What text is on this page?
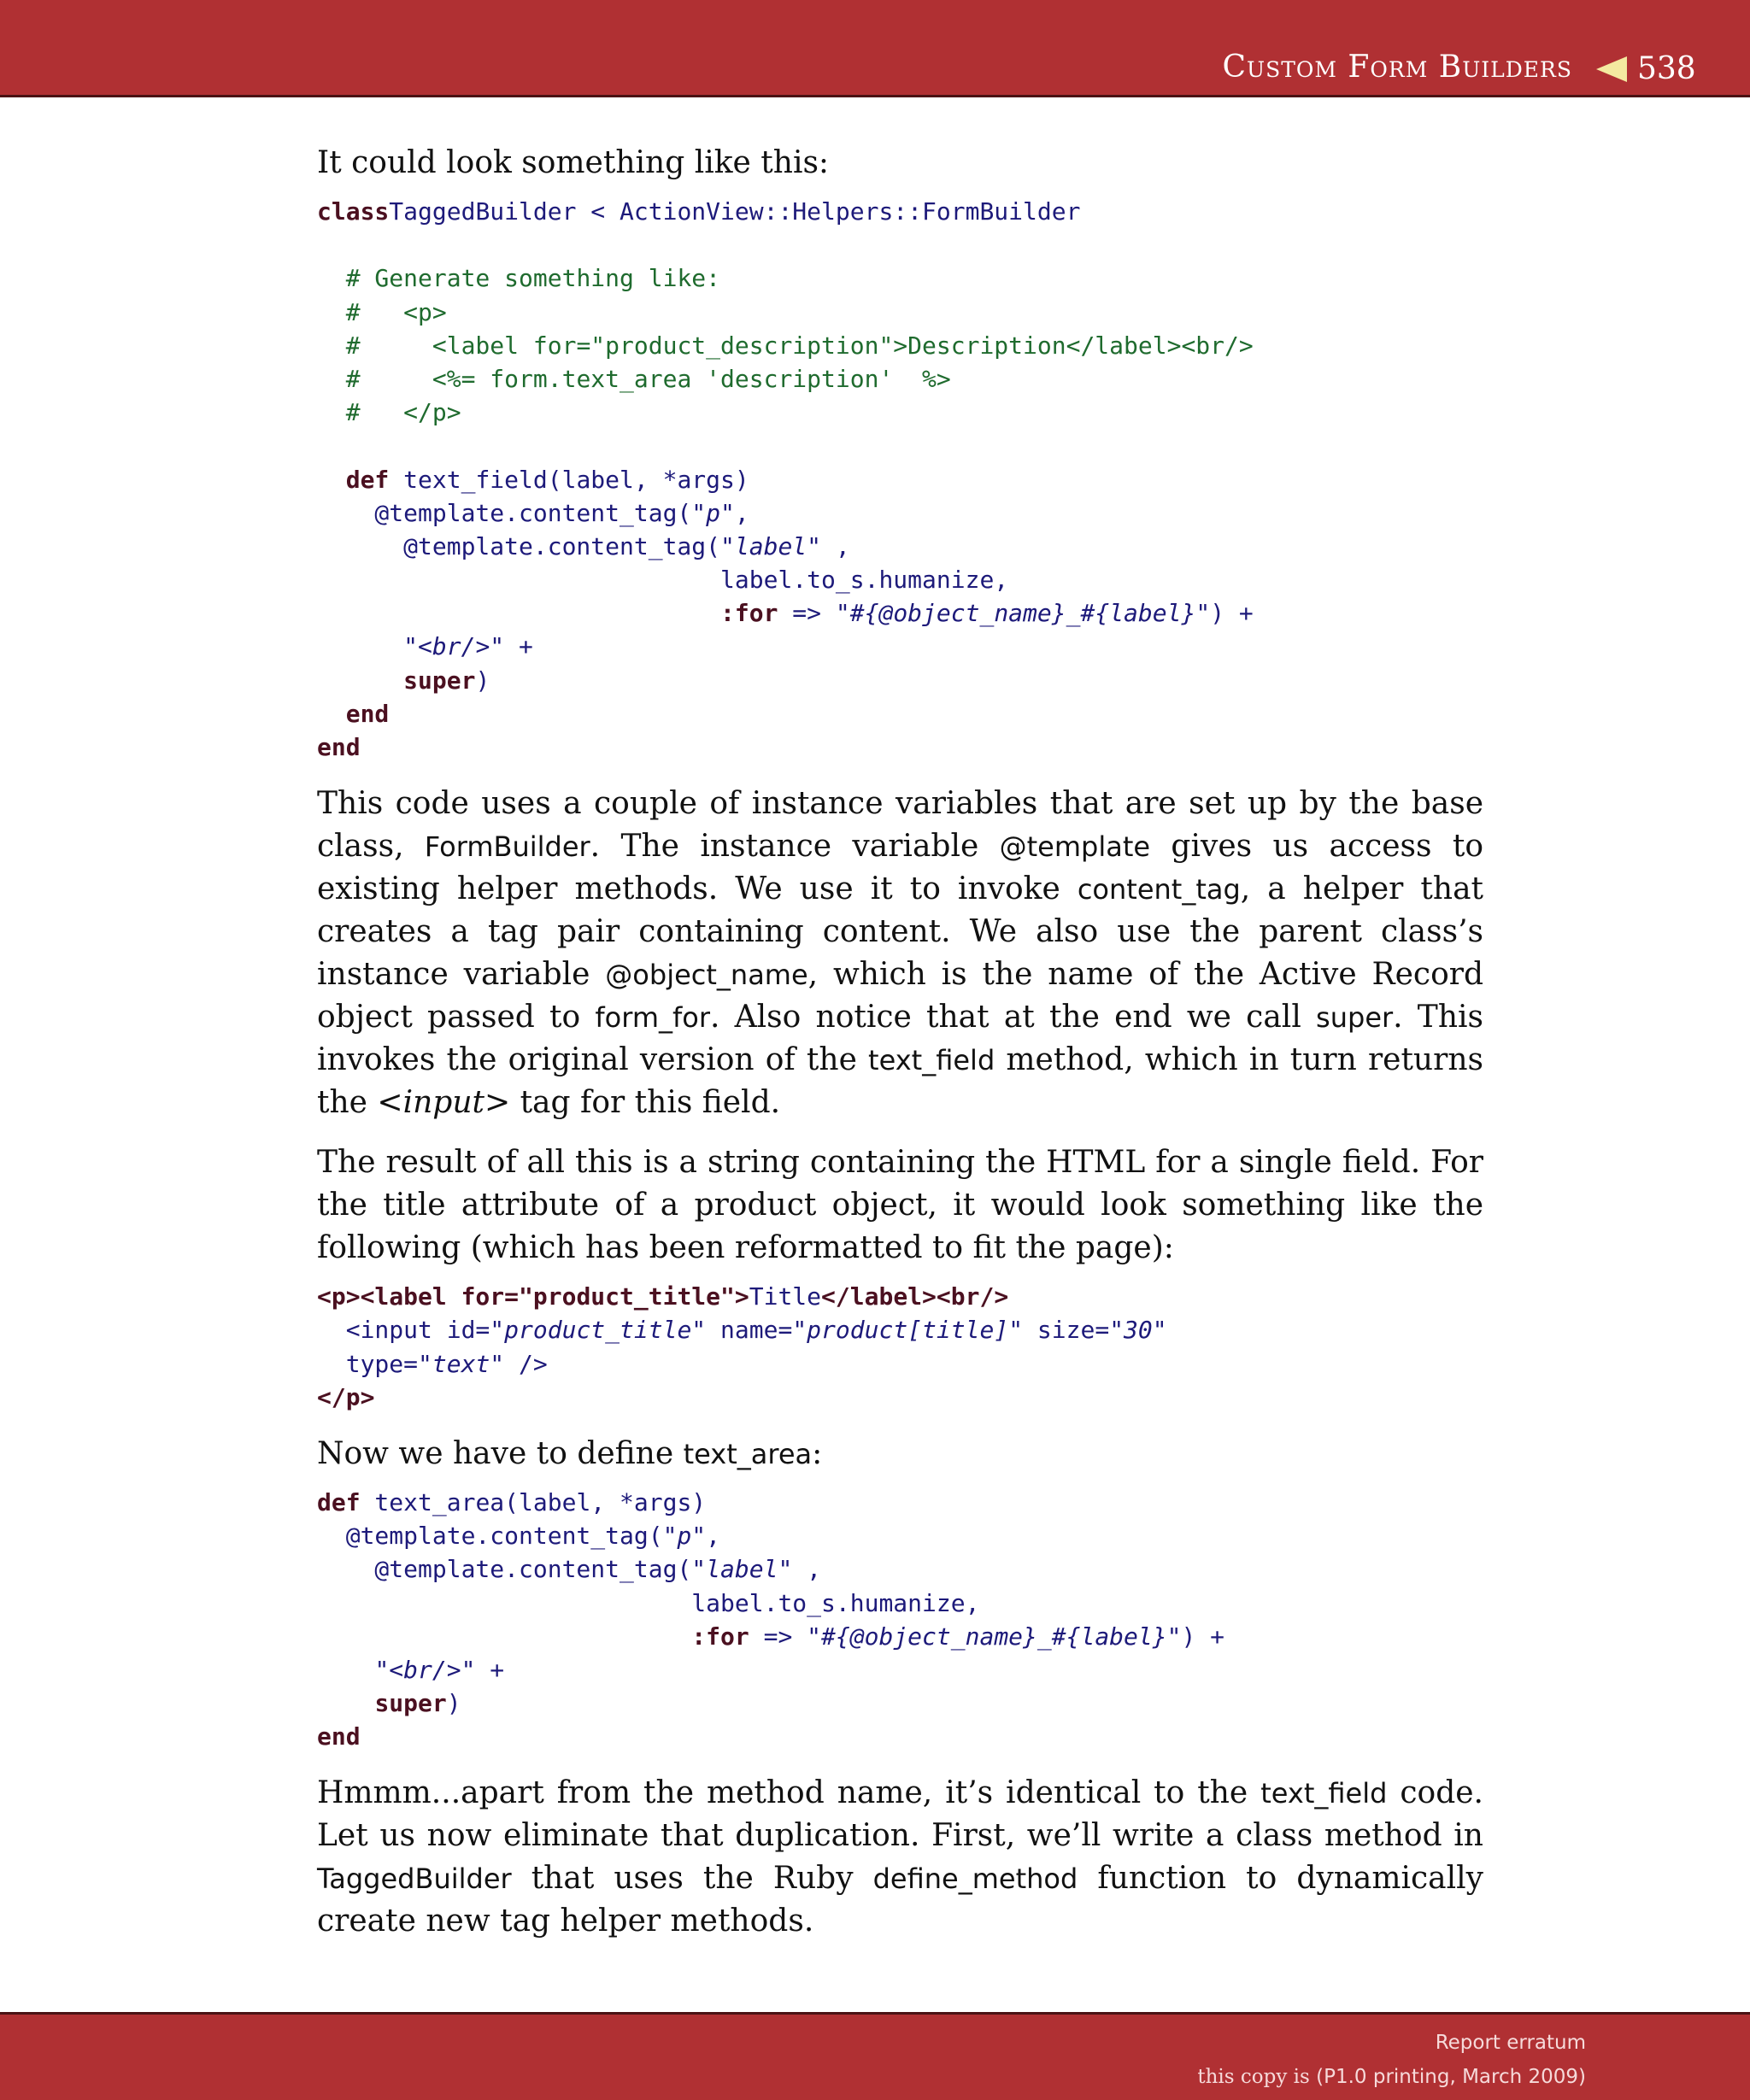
Custom Form Builders 538

It could look something like this:

classTaggedBuilder < ActionView::Helpers::FormBuilder
# Generate something like:
#   <p>
#     <label for="product_description">Description</label><br/>
#     <%= form.text_area 'description'  %>
#   </p>
def text_field(label, *args)
@template.content_tag("p",
@template.content_tag("label" ,
label.to_s.humanize,
:for => "#{@object_name}_#{label}") +
"<br/>" +
super)
end
end

This code uses a couple of instance variables that are set up by the base class, FormBuilder. The instance variable @template gives us access to existing helper methods. We use it to invoke content_tag, a helper that creates a tag pair containing content. We also use the parent class’s instance variable @object_name, which is the name of the Active Record object passed to form_for. Also notice that at the end we call super. This invokes the original version of the text_field method, which in turn returns the <input> tag for this field.

The result of all this is a string containing the HTML for a single field. For the title attribute of a product object, it would look something like the following (which has been reformatted to fit the page):

<p><label for="product_title">Title</label><br/>
<input id="product_title" name="product[title]" size="30"
type="text" />
</p>

Now we have to define text_area:

def text_area(label, *args)
@template.content_tag("p",
@template.content_tag("label" ,
label.to_s.humanize,
:for => "#{@object_name}_#{label}") +
"<br/>" +
super)
end

Hmmm...apart from the method name, it’s identical to the text_field code. Let us now eliminate that duplication. First, we’ll write a class method in TaggedBuilder that uses the Ruby define_method function to dynamically create new tag helper methods.

Report erratum
this copy is (P1.0 printing, March 2009)
